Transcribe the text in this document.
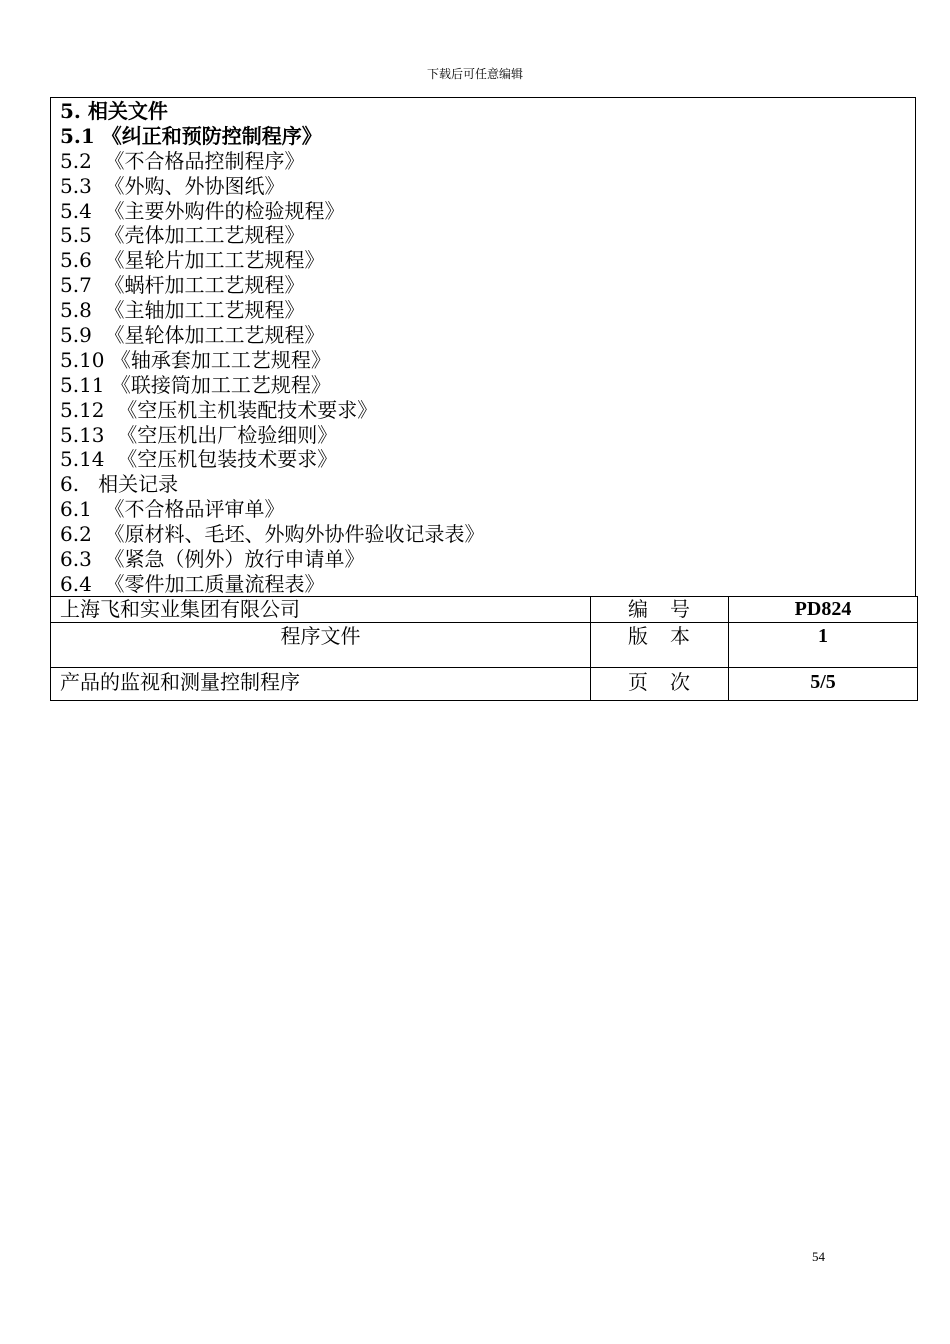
下载后可任意编辑
5. 相关文件
5.1 《纠正和预防控制程序》
5.2  《不合格品控制程序》
5.3  《外购、外协图纸》
5.4  《主要外购件的检验规程》
5.5  《壳体加工工艺规程》
5.6  《星轮片加工工艺规程》
5.7  《蜗杆加工工艺规程》
5.8  《主轴加工工艺规程》
5.9  《星轮体加工工艺规程》
5.10 《轴承套加工工艺规程》
5.11 《联接筒加工工艺规程》
5.12  《空压机主机装配技术要求》
5.13  《空压机出厂检验细则》
5.14  《空压机包装技术要求》
6.   相关记录
6.1  《不合格品评审单》
6.2  《原材料、毛坯、外购外协件验收记录表》
6.3  《紧急（例外）放行申请单》
6.4  《零件加工质量流程表》
上海飞和实业集团有限公司	编　号	PD824
程序文件	版　本	1
产品的监视和测量控制程序	页　次	5/5
54
